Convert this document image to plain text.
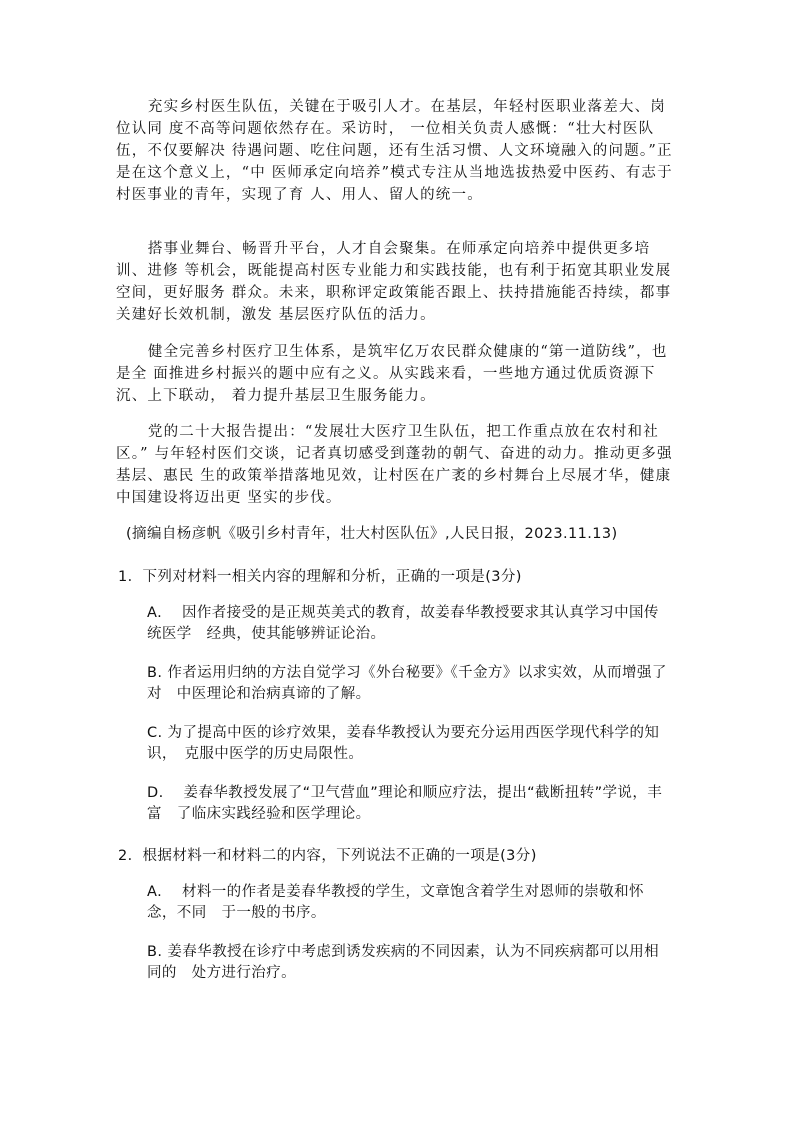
充实乡村医生队伍，关键在于吸引人才。在基层，年轻村医职业落差大、岗位认同 度不高等问题依然存在。采访时， 一位相关负责人感慨：“壮大村医队伍，不仅要解决 待遇问题、吃住问题，还有生活习惯、人文环境融入的问题。”正是在这个意义上，“中 医师承定向培养”模式专注从当地选拔热爱中医药、有志于村医事业的青年，实现了育 人、用人、留人的统一。

搭事业舞台、畅晋升平台，人才自会聚集。在师承定向培养中提供更多培训、进修 等机会，既能提高村医专业能力和实践技能，也有利于拓宽其职业发展空间，更好服务 群众。未来，职称评定政策能否跟上、扶持措施能否持续，都事关建好长效机制，激发 基层医疗队伍的活力。

健全完善乡村医疗卫生体系，是筑牢亿万农民群众健康的“第一道防线”，也是全 面推进乡村振兴的题中应有之义。从实践来看，一些地方通过优质资源下沉、上下联动， 着力提升基层卫生服务能力。

党的二十大报告提出：“发展壮大医疗卫生队伍，把工作重点放在农村和社区。” 与年轻村医们交谈，记者真切感受到蓬勃的朝气、奋进的动力。推动更多强基层、惠民 生的政策举措落地见效，让村医在广袤的乡村舞台上尽展才华，健康中国建设将迈出更 坚实的步伐。

(摘编自杨彦帆《吸引乡村青年，壮大村医队伍》,人民日报，2023.11.13)

1．下列对材料一相关内容的理解和分析，正确的一项是(3分)

A.　 因作者接受的是正规英美式的教育，故姜春华教授要求其认真学习中国传统医学　经典，使其能够辨证论治。

B. 作者运用归纳的方法自觉学习《外台秘要》《千金方》以求实效，从而增强了对　中医理论和治病真谛的了解。

C. 为了提高中医的诊疗效果，姜春华教授认为要充分运用西医学现代科学的知识，　克服中医学的历史局限性。

D.　 姜春华教授发展了“卫气营血”理论和顺应疗法，提出“截断扭转”学说，丰富　了临床实践经验和医学理论。

2．根据材料一和材料二的内容，下列说法不正确的一项是(3分)

A.　 材料一的作者是姜春华教授的学生，文章饱含着学生对恩师的崇敬和怀念，不同　于一般的书序。

B. 姜春华教授在诊疗中考虑到诱发疾病的不同因素，认为不同疾病都可以用相同的　处方进行治疗。
